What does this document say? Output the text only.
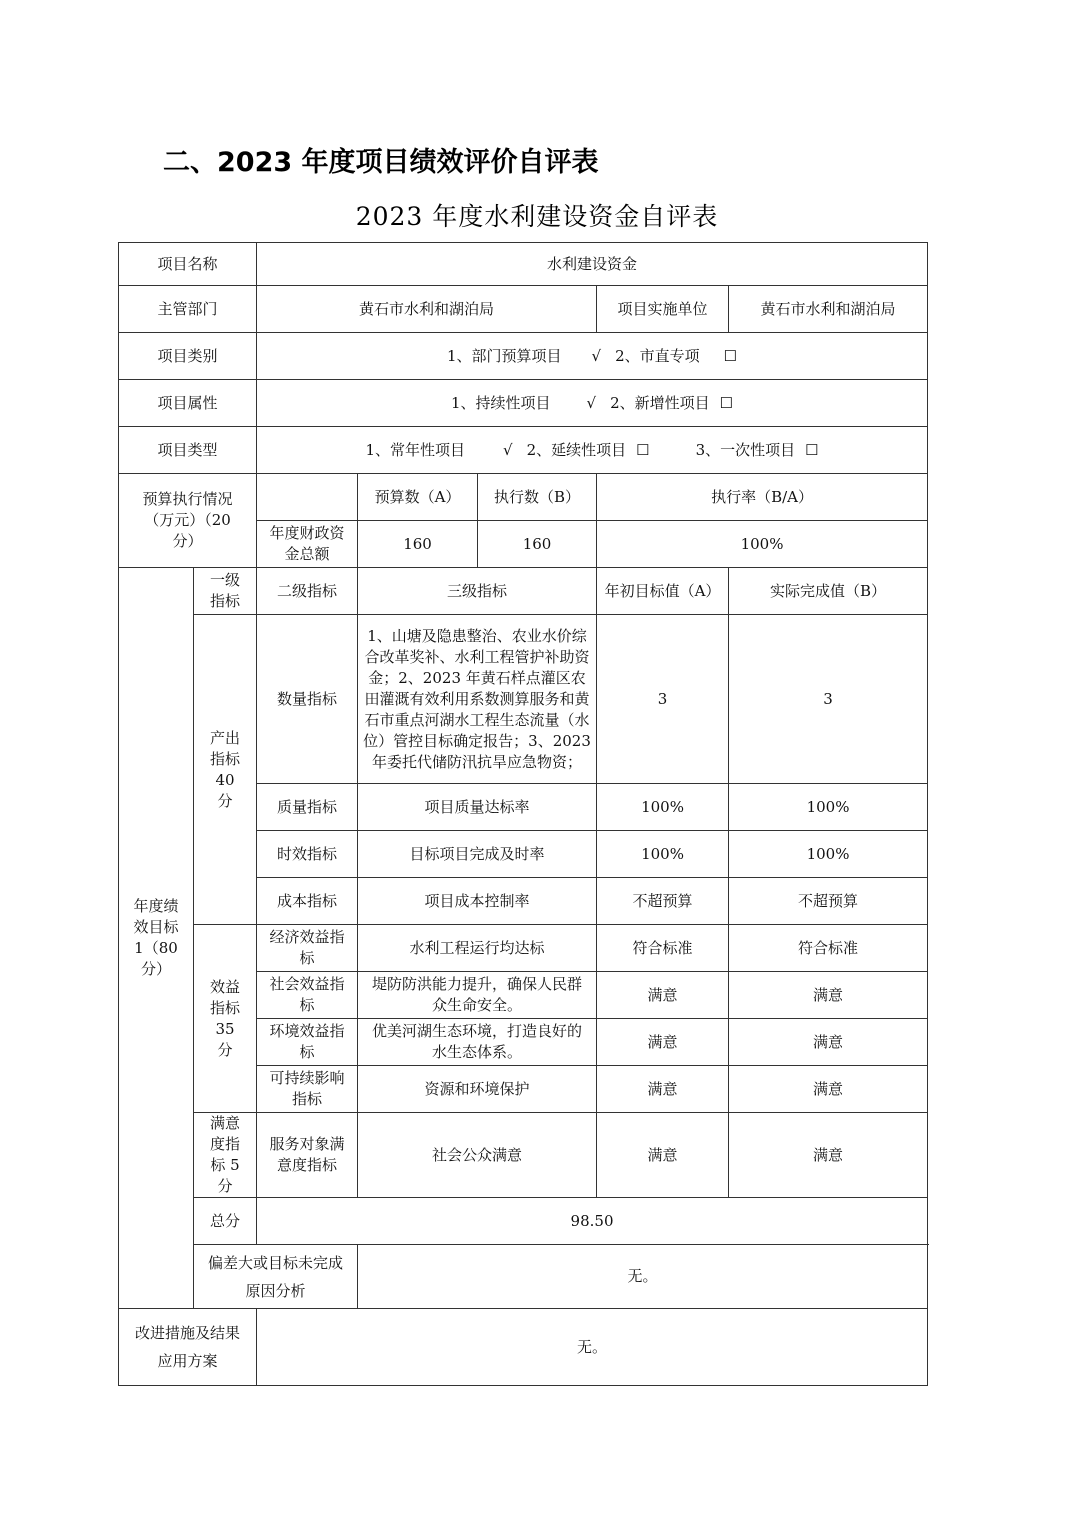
二、2023 年度项目绩效评价自评表
2023 年度水利建设资金自评表
项目名称		水利建设资金				
主管部门		黄石市水利和湖泊局			项目实施单位	黄石市水利和湖泊局
项目类别		1、部门预算项目 √ 2、市直专项 ☐				
项目属性		1、持续性项目 √ 2、新增性项目 ☐				
项目类型		1、常年性项目 √ 2、延续性项目 ☐ 3、一次性项目 ☐				
预算执行情况（万元）（20 分）			预算数（A）	执行数（B）	执行率（B/A）	
		年度财政资金总额	160	160	100%	
年度绩效目标 1（80 分）	一级指标	二级指标	三级指标		年初目标值（A）	实际完成值（B）
	产出指标 40 分	数量指标	1、山塘及隐患整治、农业水价综合改革奖补、水利工程管护补助资金；2、2023 年黄石样点灌区农田灌溉有效利用系数测算服务和黄石市重点河湖水工程生态流量（水位）管控目标确定报告；3、2023 年委托代储防汛抗旱应急物资；		3	3
		质量指标	项目质量达标率		100%	100%
		时效指标	目标项目完成及时率		100%	100%
		成本指标	项目成本控制率		不超预算	不超预算
	效益指标 35 分	经济效益指标	水利工程运行均达标		符合标准	符合标准
		社会效益指标	堤防防洪能力提升，确保人民群众生命安全。		满意	满意
		环境效益指标	优美河湖生态环境，打造良好的水生态体系。		满意	满意
		可持续影响指标	资源和环境保护		满意	满意
	满意度指标 5 分	服务对象满意度指标	社会公众满意		满意	满意
	总分	98.50				
	偏差大或目标未完成原因分析		无。			
改进措施及结果应用方案		无。				
